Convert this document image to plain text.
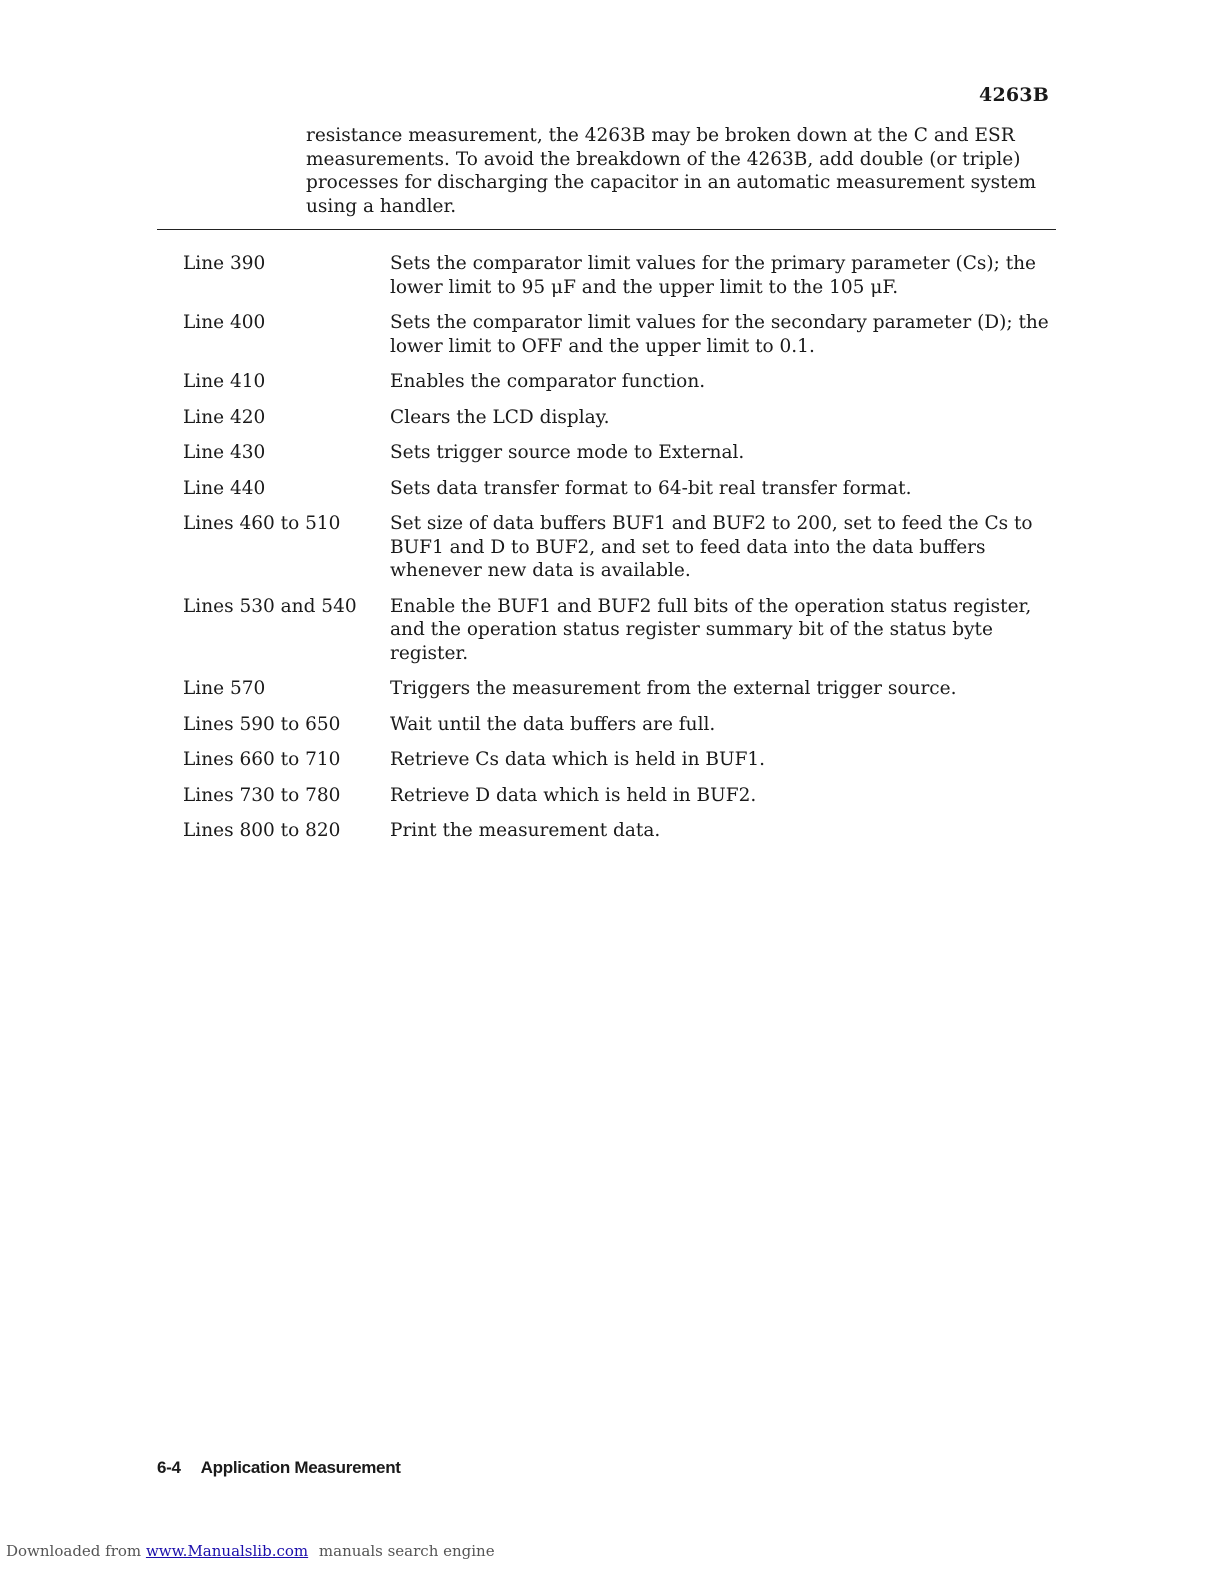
4263B

resistance measurement, the 4263B may be broken down at the C and ESR measurements. To avoid the breakdown of the 4263B, add double (or triple) processes for discharging the capacitor in an automatic measurement system using a handler.

Line 390	Sets the comparator limit values for the primary parameter (Cs); the lower limit to 95 μF and the upper limit to the 105 μF.
Line 400	Sets the comparator limit values for the secondary parameter (D); the lower limit to OFF and the upper limit to 0.1.
Line 410	Enables the comparator function.
Line 420	Clears the LCD display.
Line 430	Sets trigger source mode to External.
Line 440	Sets data transfer format to 64-bit real transfer format.
Lines 460 to 510	Set size of data buffers BUF1 and BUF2 to 200, set to feed the Cs to BUF1 and D to BUF2, and set to feed data into the data buffers whenever new data is available.
Lines 530 and 540	Enable the BUF1 and BUF2 full bits of the operation status register, and the operation status register summary bit of the status byte register.
Line 570	Triggers the measurement from the external trigger source.
Lines 590 to 650	Wait until the data buffers are full.
Lines 660 to 710	Retrieve Cs data which is held in BUF1.
Lines 730 to 780	Retrieve D data which is held in BUF2.
Lines 800 to 820	Print the measurement data.
6-4 Application Measurement
Downloaded from www.Manualslib.com manuals search engine
